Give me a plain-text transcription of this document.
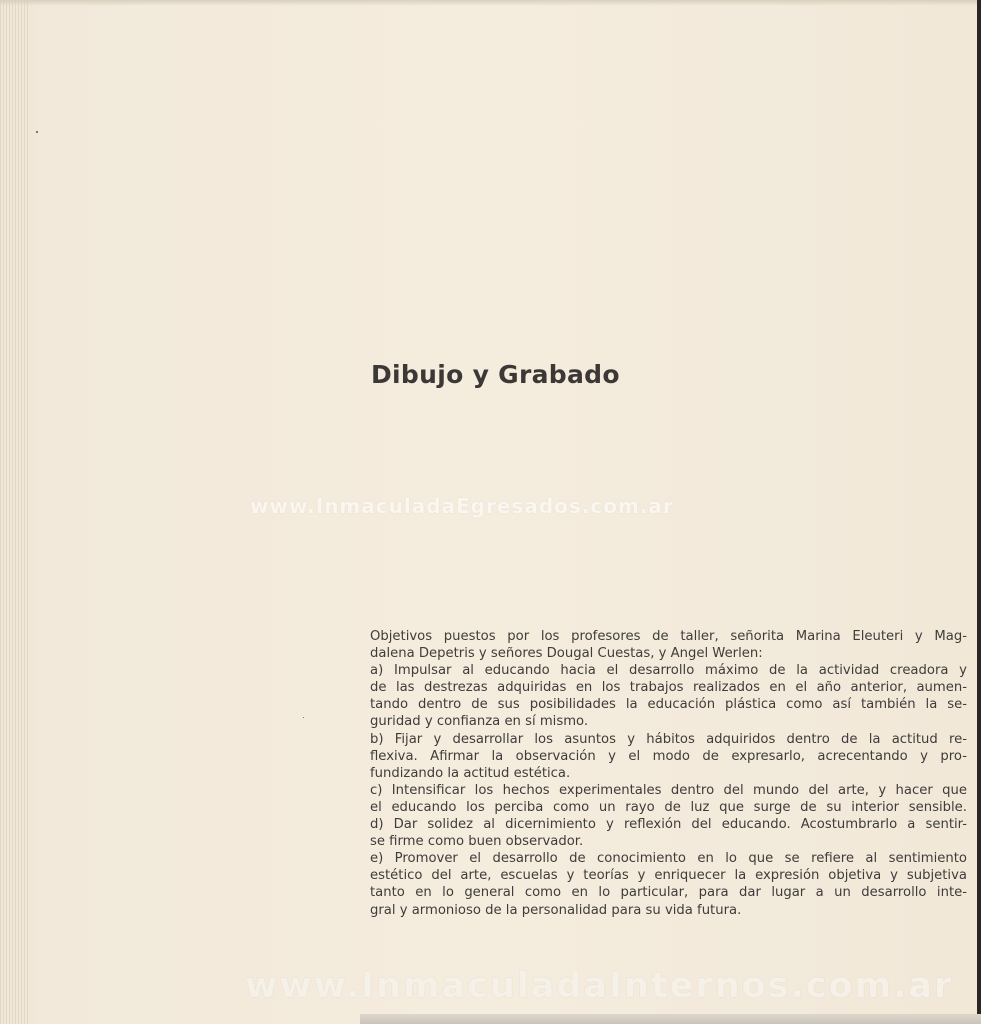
Dibujo y Grabado
www.InmaculadaEgresados.com.ar
Objetivos puestos por los profesores de taller, señorita Marina Eleuteri y Mag-
dalena Depetris y señores Dougal Cuestas, y Angel Werlen:
a) Impulsar al educando hacia el desarrollo máximo de la actividad creadora y
de las destrezas adquiridas en los trabajos realizados en el año anterior, aumen-
tando dentro de sus posibilidades la educación plástica como así también la se-
guridad y confianza en sí mismo.
b) Fijar y desarrollar los asuntos y hábitos adquiridos dentro de la actitud re-
flexiva. Afirmar la observación y el modo de expresarlo, acrecentando y pro-
fundizando la actitud estética.
c) Intensificar los hechos experimentales dentro del mundo del arte, y hacer que
el educando los perciba como un rayo de luz que surge de su interior sensible.
d) Dar solidez al dicernimiento y reflexión del educando. Acostumbrarlo a sentir-
se firme como buen observador.
e) Promover el desarrollo de conocimiento en lo que se refiere al sentimiento
estético del arte, escuelas y teorías y enriquecer la expresión objetiva y subjetiva
tanto en lo general como en lo particular, para dar lugar a un desarrollo inte-
gral y armonioso de la personalidad para su vida futura.
www.InmaculadaInternos.com.ar
